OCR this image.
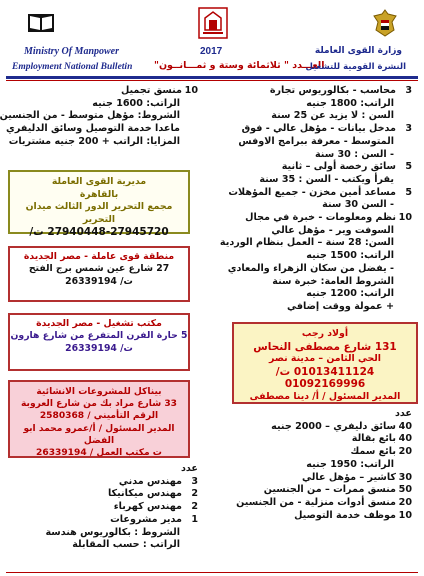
Ministry Of Manpower
Employment National Bulletin
2017
العـــدد " ثلاثمائة وستة و ثمـــانــون"
وزارة القوى العاملة
النشرة القومية للتشغيل
3
محاسب - بكالوريوس تجارة
الراتب: 1800 جنيه
السن : لا يزيد عن 25 سنة
3
مدخل بيانات - مؤهل عالي - فوق
المتوسط - معرفة ببرامج الاوفس
- السن : 30 سنة
5
سائق رخصة أولى – ثانية
يقرأ ويكتب - السن : 35 سنة
5
مساعد أمين مخزن - جميع المؤهلات
- السن 30 سنة
10
نظم ومعلومات - خبرة في مجال
السوفت وير - مؤهل عالي
السن: 28 سنة – العمل بنظام الوردية
الراتب: 1500 جنيه
- يفضل من سكان الزهراء والمعادي
الشروط العامة: خبرة سنة
الراتب: 1200 جنيه
+ عمولة ووقت إضافي
10
منسق تجميل
الراتب: 1600 جنيه
الشروط: مؤهل متوسط - من الجنسين
ماعدا خدمة التوصيل وسائق الدليفري
المزايا: الراتب + 200 جنيه مشتريات
مديرية القوى العاملة
بالقاهرة
مجمع التحرير الدور الثالث ميدان التحرير
27940448-27945720 ت/
منطقة قوى عاملة - مصر الجديدة
27 شارع عين شمس برج الفتح
ت/ 26339194
مكتب تشغيل - مصر الجديدة
5 حارة الفرن المتفرع من شارع هارون
ت/ 26339194
بيناكل للمشروعات الانشائية
33 شارع مراد بك من شارع العروبة
الرقم التأميني / 2580368
المدير المسئول / أ/عمرو محمد ابو الفضل
ت مكتب العمل / 26339194
أولاد رجب
131 شارع مصطفى النحاس
الحي الثامن – مدينة نصر
01013411124 ت/
01092169996
المدير المسئول / أ/ دينا مصطفى
عدد
40
سائق دليفري – 2000 جنيه
40
بائع بقالة
20
بائع سمك
الراتب: 1950 جنيه
30
كاشير – مؤهل عالي
50
منسق ممرات – من الجنسين
20
منسق أدوات منزلية - من الجنسين
10
موظف خدمة التوصيل
عدد
3
مهندس مدني
2
مهندس ميكانيكا
2
مهندس كهرباء
1
مدير مشروعات
الشروط : بكالوريوس هندسة
الراتب : حسب المقابلة
